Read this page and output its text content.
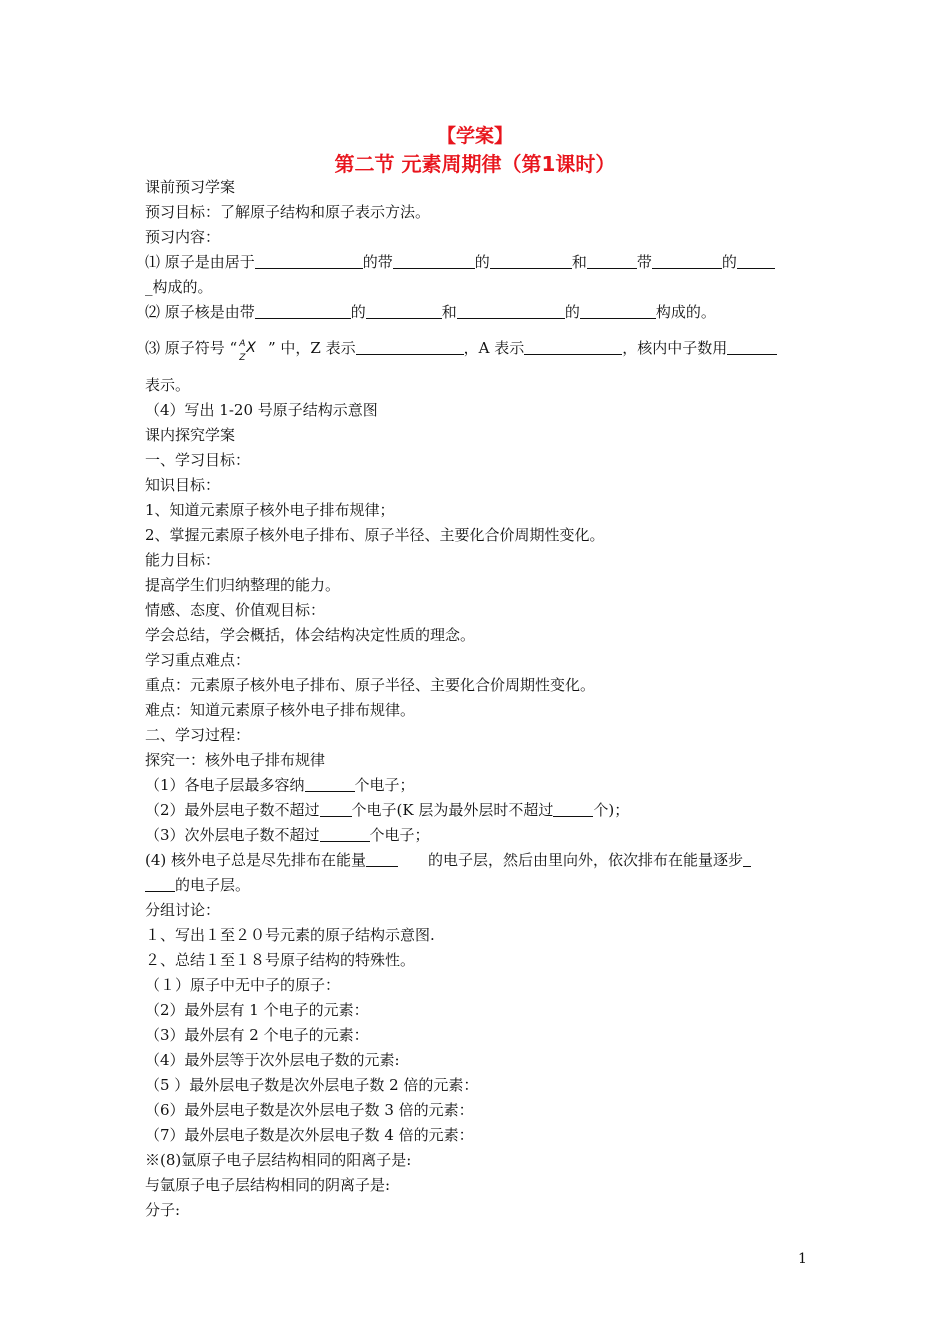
【学案】
第二节 元素周期律（第1课时）
课前预习学案
预习目标：了解原子结构和原子表示方法。
预习内容：
⑴ 原子是由居于	的带	的	和	带	的
_构成的。
⑵ 原子核是由带	的	和	的	构成的。
⑶ 原子符号 “ A
Z
X ” 中，Z 表示	，A 表示	，核内中子数用
表示。
（4）写出 1-20 号原子结构示意图
课内探究学案
一、学习目标：
知识目标：
1、知道元素原子核外电子排布规律；
2、掌握元素原子核外电子排布、原子半径、主要化合价周期性变化。
能力目标：
提高学生们归纳整理的能力。
情感、态度、价值观目标：
学会总结，学会概括，体会结构决定性质的理念。
学习重点难点：
重点：元素原子核外电子排布、原子半径、主要化合价周期性变化。
难点：知道元素原子核外电子排布规律。
二、学习过程：
探究一：核外电子排布规律
（1）各电子层最多容纳	个电子；
（2）最外层电子数不超过 个电子(K 层为最外层时不超过	个)；
（3）次外层电子数不超过	个电子；
(4) 核外电子总是尽先排布在能量	的电子层，然后由里向外，依次排布在能量逐步
的电子层。
分组讨论：
１、写出１至２０号元素的原子结构示意图.
２、总结１至１８号原子结构的特殊性。
（１）原子中无中子的原子：
（2）最外层有 1 个电子的元素：
（3）最外层有 2 个电子的元素：
（4）最外层等于次外层电子数的元素:
（5 ）最外层电子数是次外层电子数 2 倍的元素：
（6）最外层电子数是次外层电子数 3 倍的元素：
（7）最外层电子数是次外层电子数 4 倍的元素：
※(8)氩原子电子层结构相同的阳离子是:
与氩原子电子层结构相同的阴离子是:
分子:
1
